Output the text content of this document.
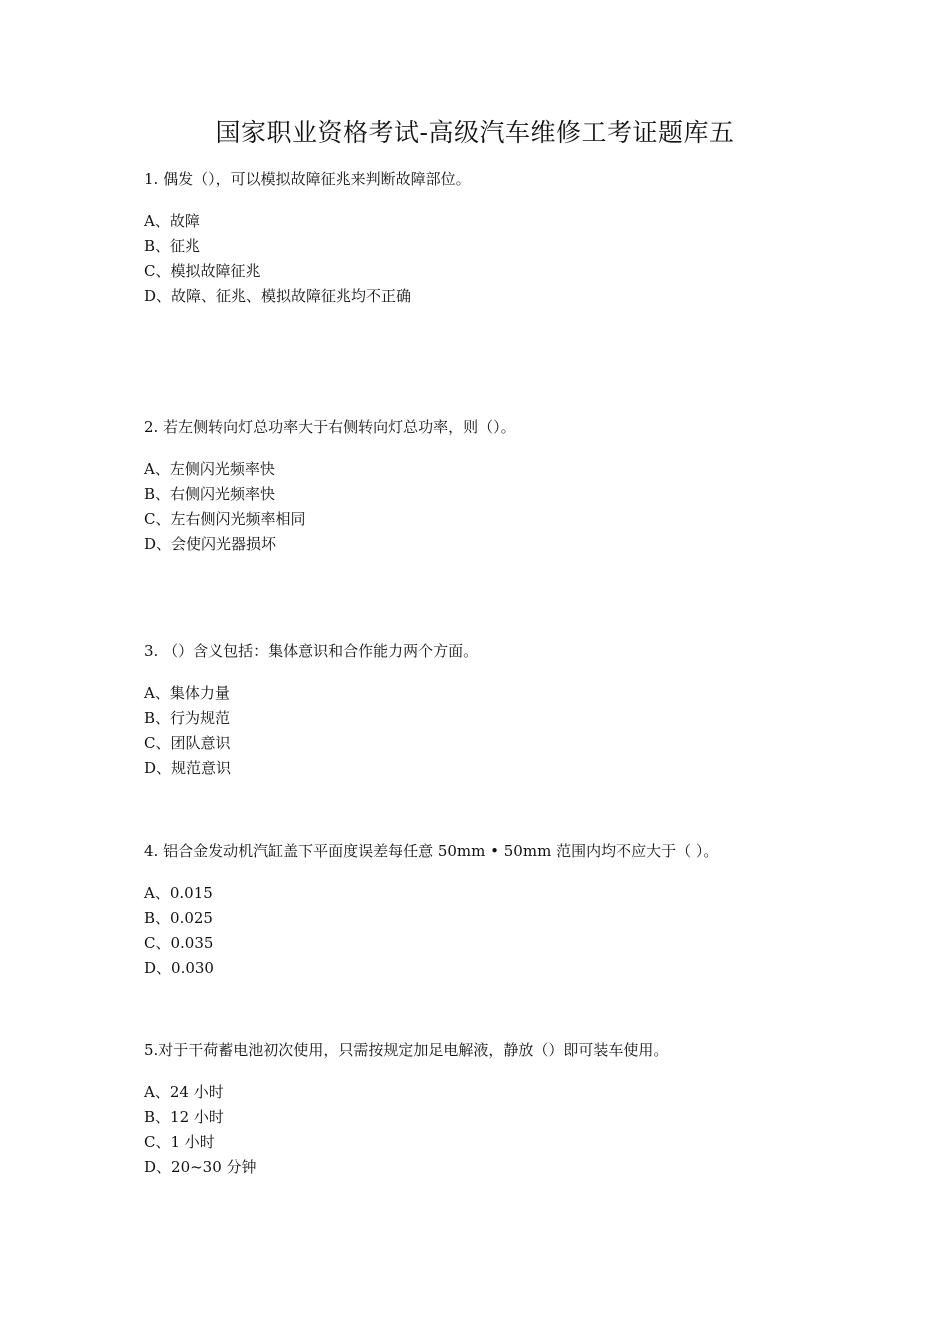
国家职业资格考试-高级汽车维修工考证题库五
1. 偶发（），可以模拟故障征兆来判断故障部位。
A、故障
B、征兆
C、模拟故障征兆
D、故障、征兆、模拟故障征兆均不正确
2. 若左侧转向灯总功率大于右侧转向灯总功率，则（）。
A、左侧闪光频率快
B、右侧闪光频率快
C、左右侧闪光频率相同
D、会使闪光器损坏
3. （）含义包括：集体意识和合作能力两个方面。
A、集体力量
B、行为规范
C、团队意识
D、规范意识
4. 铝合金发动机汽缸盖下平面度误差每任意 50mm • 50mm 范围内均不应大于（ ）。
A、0.015
B、0.025
C、0.035
D、0.030
5.对于干荷蓄电池初次使用，只需按规定加足电解液，静放（）即可装车使用。
A、24 小时
B、12 小时
C、1 小时
D、20~30 分钟
